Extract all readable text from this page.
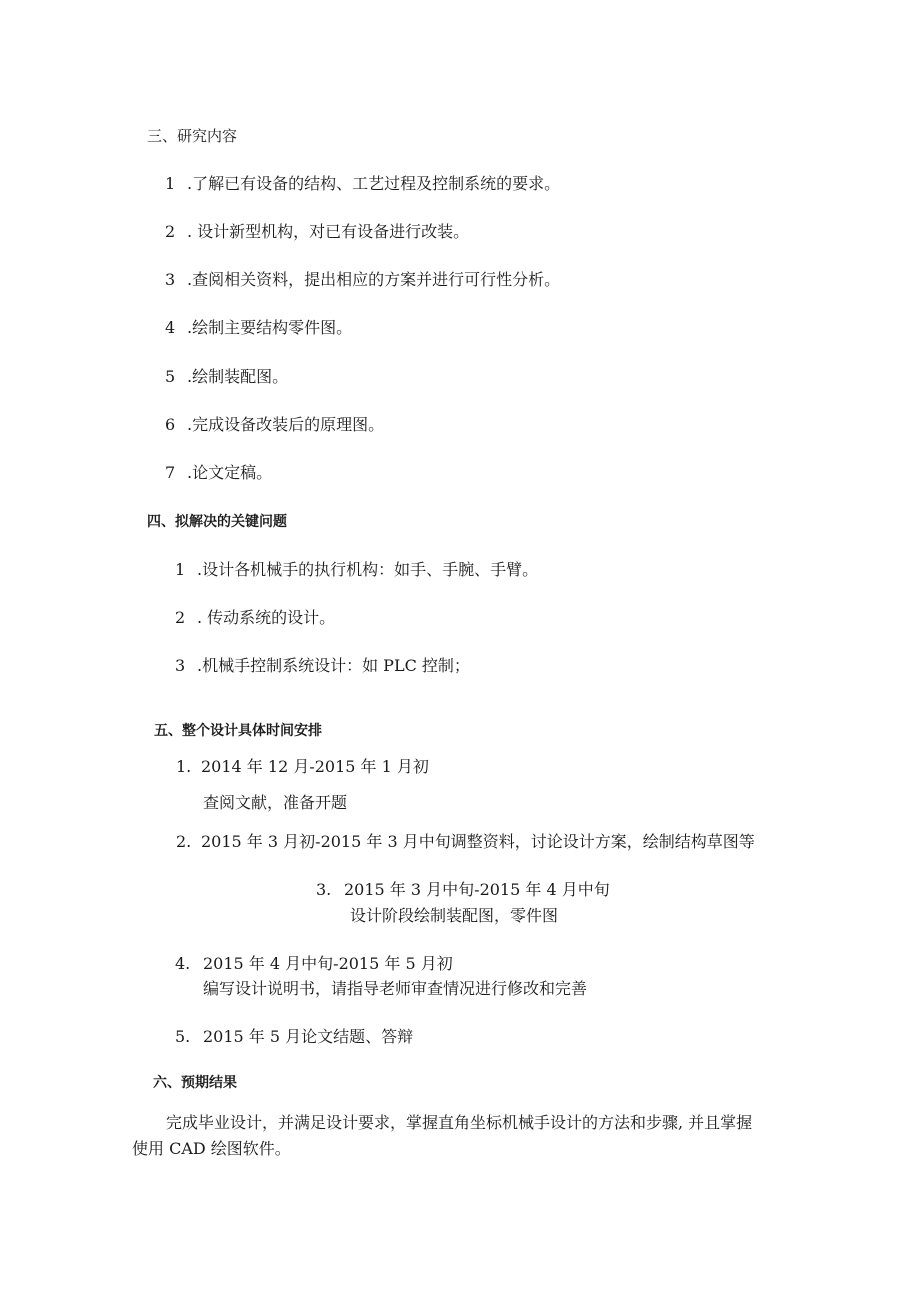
三、研究内容
1 .了解已有设备的结构、工艺过程及控制系统的要求。
2 . 设计新型机构，对已有设备进行改装。
3 .查阅相关资料，提出相应的方案并进行可行性分析。
4 .绘制主要结构零件图。
5 .绘制装配图。
6 .完成设备改装后的原理图。
7 .论文定稿。
四、拟解决的关键问题
1 .设计各机械手的执行机构：如手、手腕、手臂。
2 . 传动系统的设计。
3 .机械手控制系统设计：如 PLC 控制；
五、整个设计具体时间安排
1. 2014 年 12 月-2015 年 1 月初
查阅文献，准备开题
2. 2015 年 3 月初-2015 年 3 月中旬调整资料，讨论设计方案，绘制结构草图等
3. 2015 年 3 月中旬-2015 年 4 月中旬
设计阶段绘制装配图，零件图
4. 2015 年 4 月中旬-2015 年 5 月初
编写设计说明书，请指导老师审查情况进行修改和完善
5. 2015 年 5 月论文结题、答辩
六、预期结果
完成毕业设计，并满足设计要求，掌握直角坐标机械手设计的方法和步骤, 并且掌握
使用 CAD 绘图软件。
